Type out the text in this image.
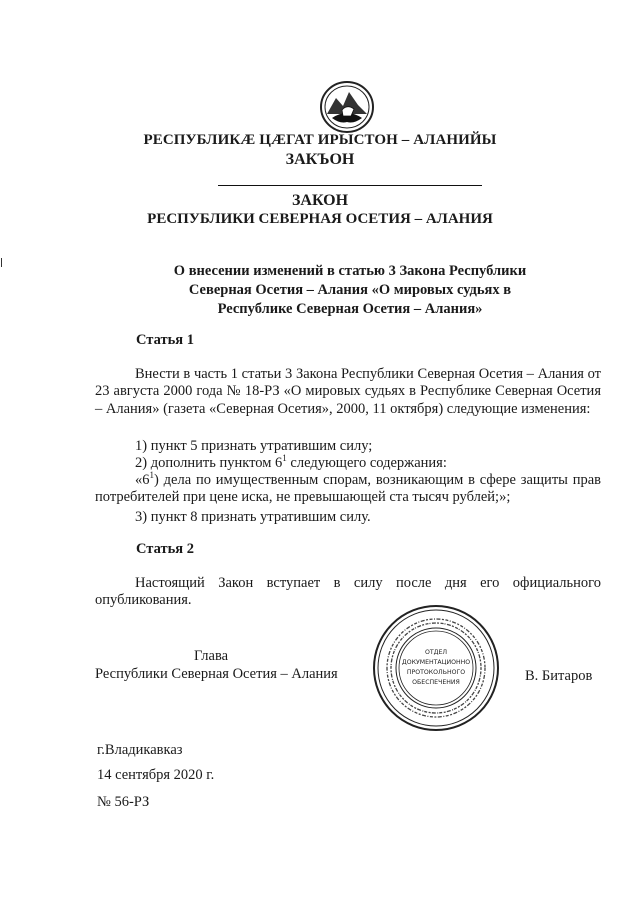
РЕСПУБЛИКӔ ЦӔГАТ ИРЫСТОН – АЛАНИЙЫ
ЗАКЪОН
ЗАКОН
РЕСПУБЛИКИ СЕВЕРНАЯ ОСЕТИЯ – АЛАНИЯ
О внесении изменений в статью 3 Закона Республики
Северная Осетия – Алания «О мировых судьях в
Республике Северная Осетия – Алания»
Статья 1

Внести в часть 1 статьи 3 Закона Республики Северная Осетия – Алания от 23 августа 2000 года № 18-РЗ «О мировых судьях в Республике Северная Осетия – Алания» (газета «Северная Осетия», 2000, 11 октября) следующие изменения:

1) пункт 5 признать утратившим силу;
2) дополнить пунктом $6^1$ следующего содержания:
«$6^1$) дела по имущественным спорам, возникающим в сфере защиты прав потребителей при цене иска, не превышающей ста тысяч рублей;»;
3) пункт 8 признать утратившим силу.
Статья 2
Настоящий Закон вступает в силу после дня его официального опубликования.
Глава
Республики Северная Осетия – Алания
ОТДЕЛ
ДОКУМЕНТАЦИОННО
ПРОТОКОЛЬНОГО
ОБЕСПЕЧЕНИЯ	В. Битаров
г.Владикавказ
14 сентября 2020 г.
№ 56-РЗ
